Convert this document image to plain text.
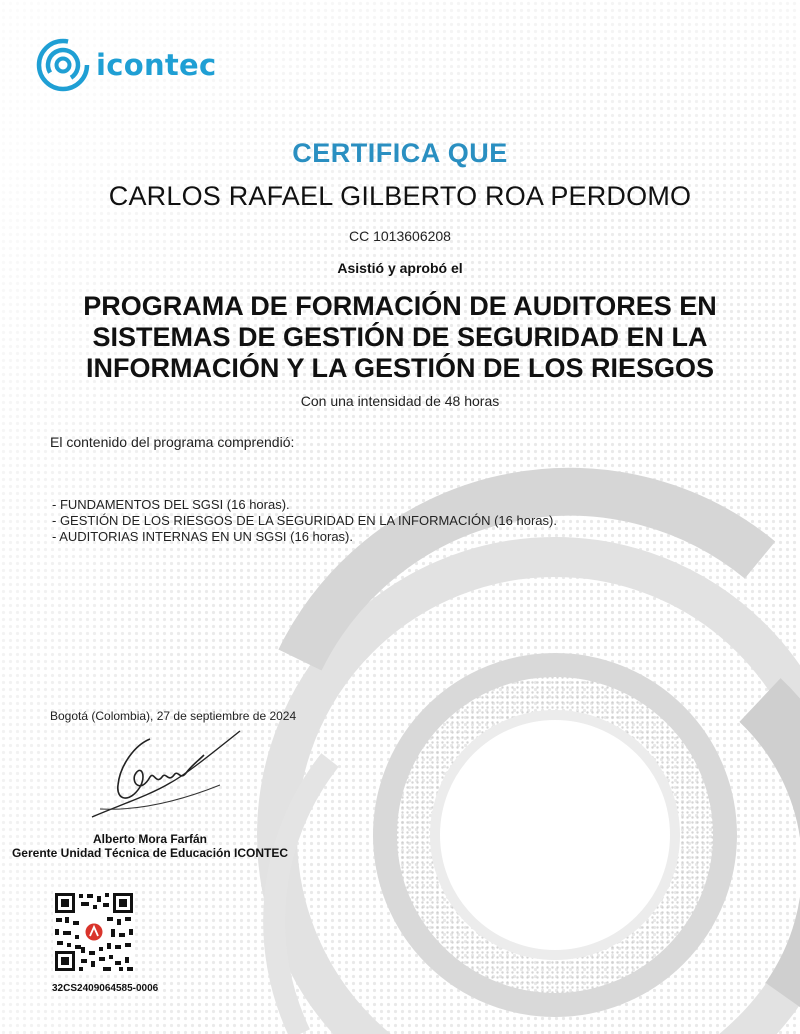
icontec
CERTIFICA QUE
CARLOS RAFAEL GILBERTO ROA PERDOMO
CC 1013606208
Asistió y aprobó el
PROGRAMA DE FORMACIÓN DE AUDITORES EN
SISTEMAS DE GESTIÓN DE SEGURIDAD EN LA
INFORMACIÓN Y LA GESTIÓN DE LOS RIESGOS
Con una intensidad de 48 horas
El contenido del programa comprendió:
- FUNDAMENTOS DEL SGSI (16 horas).
- GESTIÓN DE LOS RIESGOS DE LA SEGURIDAD EN LA INFORMACIÓN (16 horas).
- AUDITORIAS INTERNAS EN UN SGSI (16 horas).
Bogotá (Colombia), 27 de septiembre de 2024
Alberto Mora Farfán
Gerente Unidad Técnica de Educación ICONTEC
32CS2409064585-0006
